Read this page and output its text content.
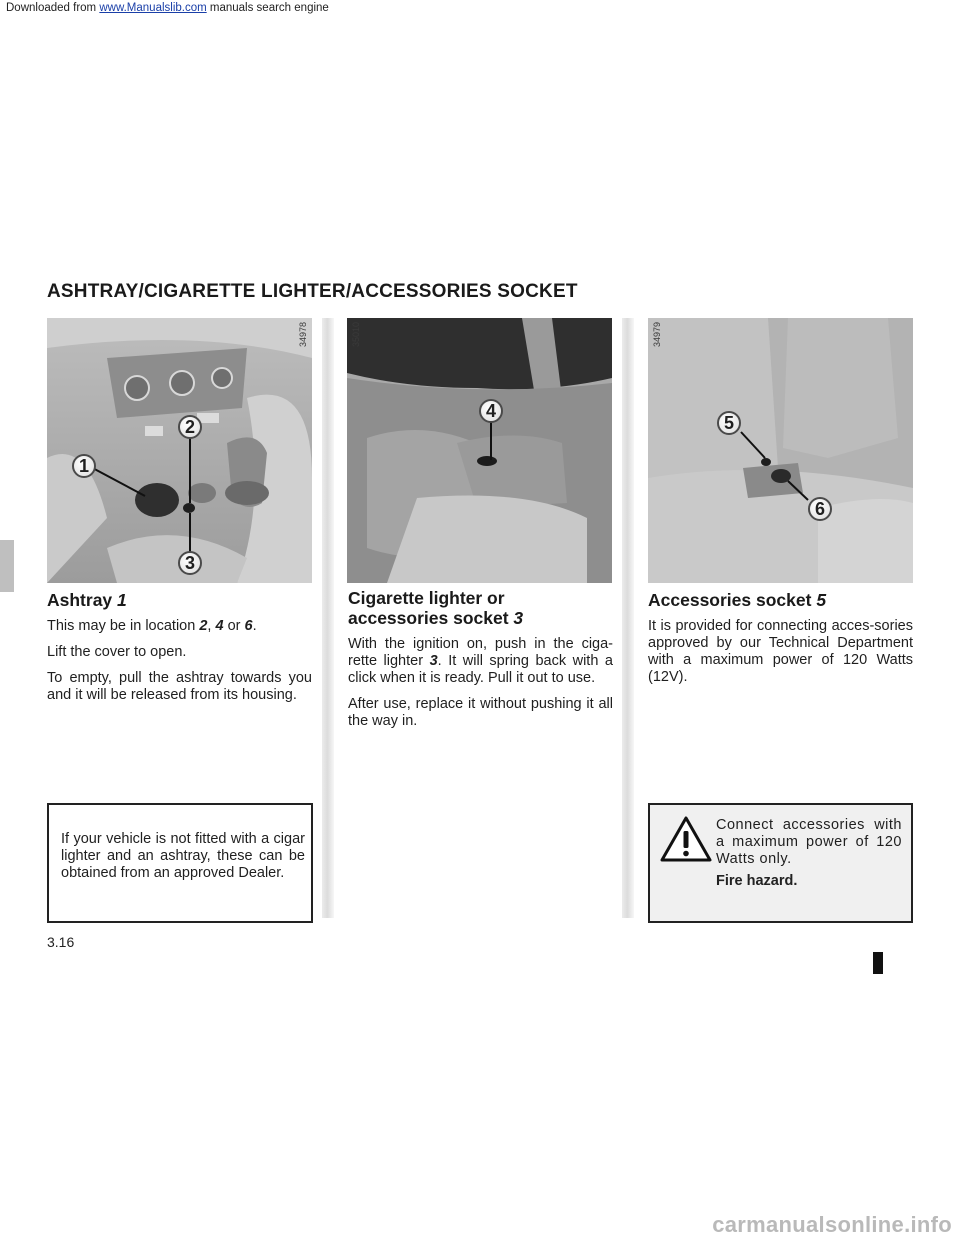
Downloaded from www.Manualslib.com manuals search engine
ASHTRAY/CIGARETTE LIGHTER/ACCESSORIES SOCKET
34978
1
2
3
35010
4
34979
5
6
Ashtray 1

This may be in location 2, 4 or 6.

Lift the cover to open.

To empty, pull the ashtray towards you and it will be released from its housing.

Cigarette lighter or
accessories socket 3

With the ignition on, push in the ciga-rette lighter 3. It will spring back with a click when it is ready. Pull it out to use.

After use, replace it without pushing it all the way in.

Accessories socket 5

It is provided for connecting acces-sories approved by our Technical Department with a maximum power of 120 Watts (12V).

If your vehicle is not fitted with a cigar lighter and an ashtray, these can be obtained from an approved Dealer.

Connect accessories with a maximum power of 120 Watts only.

Fire hazard.
3.16
carmanualsonline.info
